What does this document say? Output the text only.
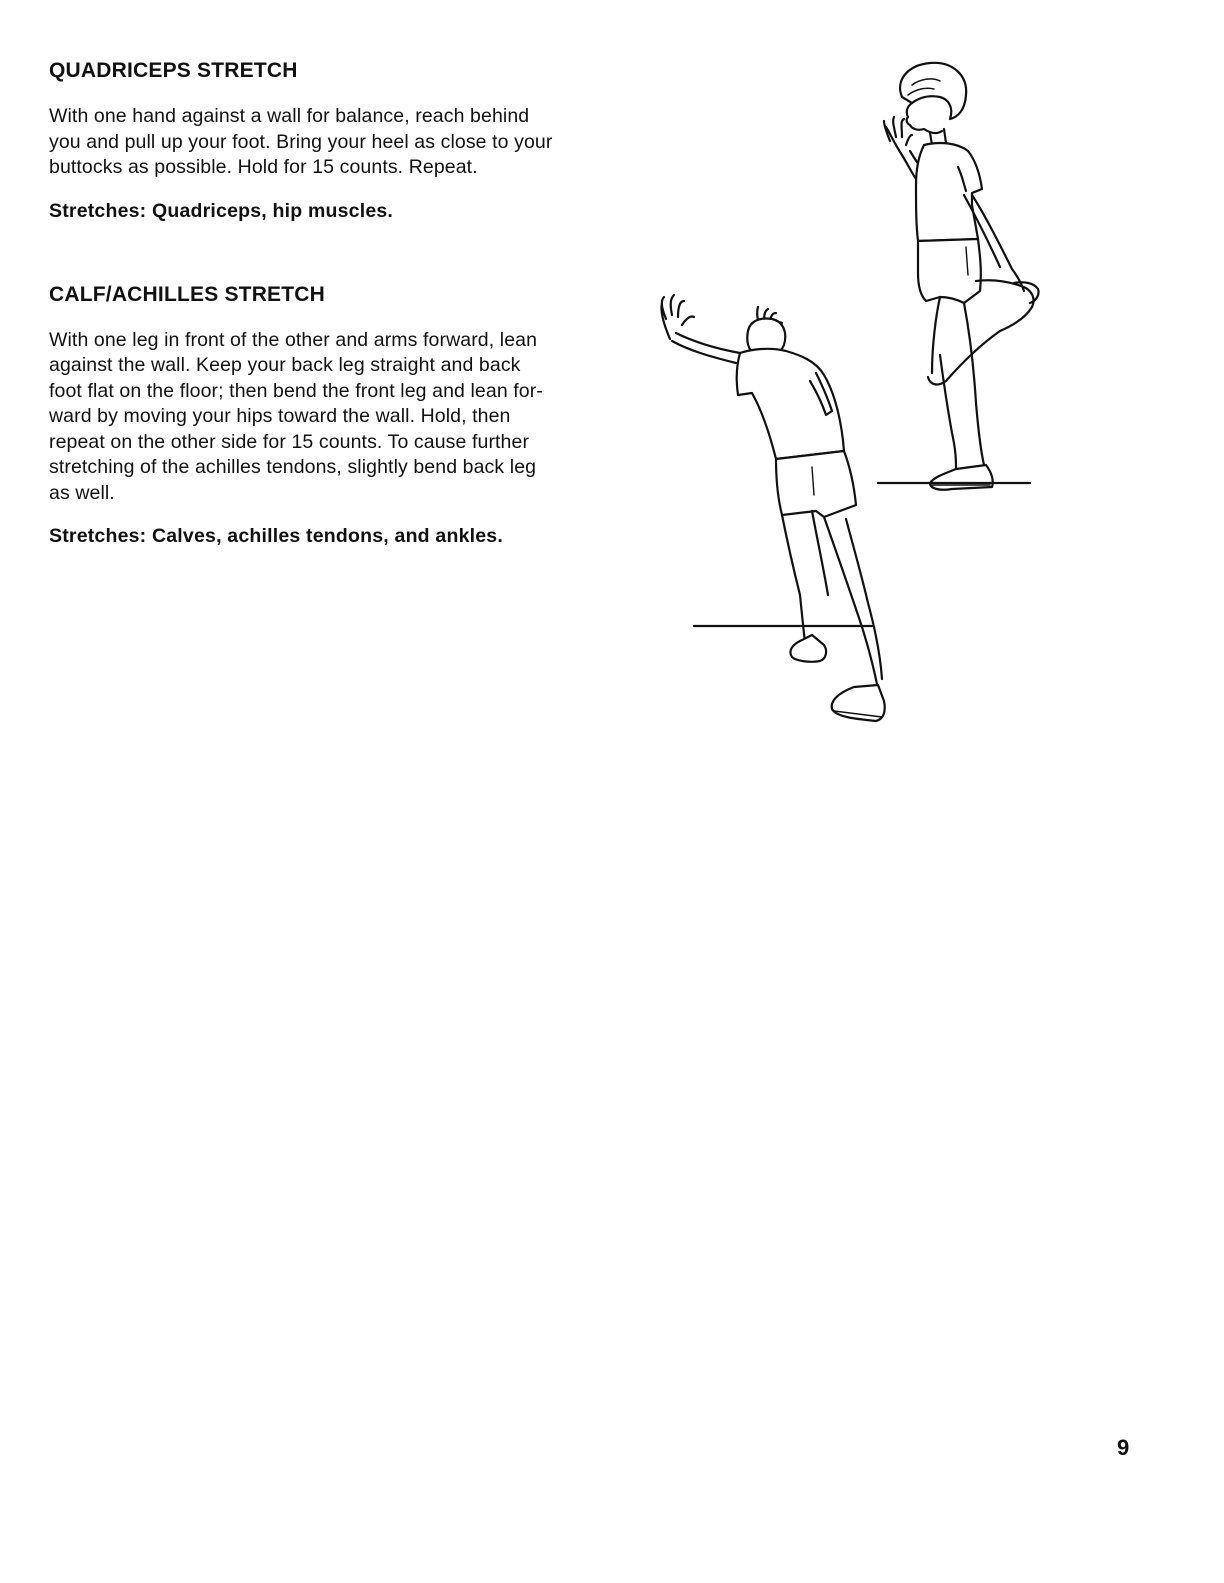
QUADRICEPS STRETCH

With one hand against a wall for balance, reach behind
you and pull up your foot. Bring your heel as close to your
buttocks as possible. Hold for 15 counts. Repeat.

Stretches: Quadriceps, hip muscles.

CALF/ACHILLES STRETCH

With one leg in front of the other and arms forward, lean
against the wall. Keep your back leg straight and back
foot flat on the floor; then bend the front leg and lean for-
ward by moving your hips toward the wall. Hold, then
repeat on the other side for 15 counts. To cause further
stretching of the achilles tendons, slightly bend back leg
as well.

Stretches: Calves, achilles tendons, and ankles.

9
